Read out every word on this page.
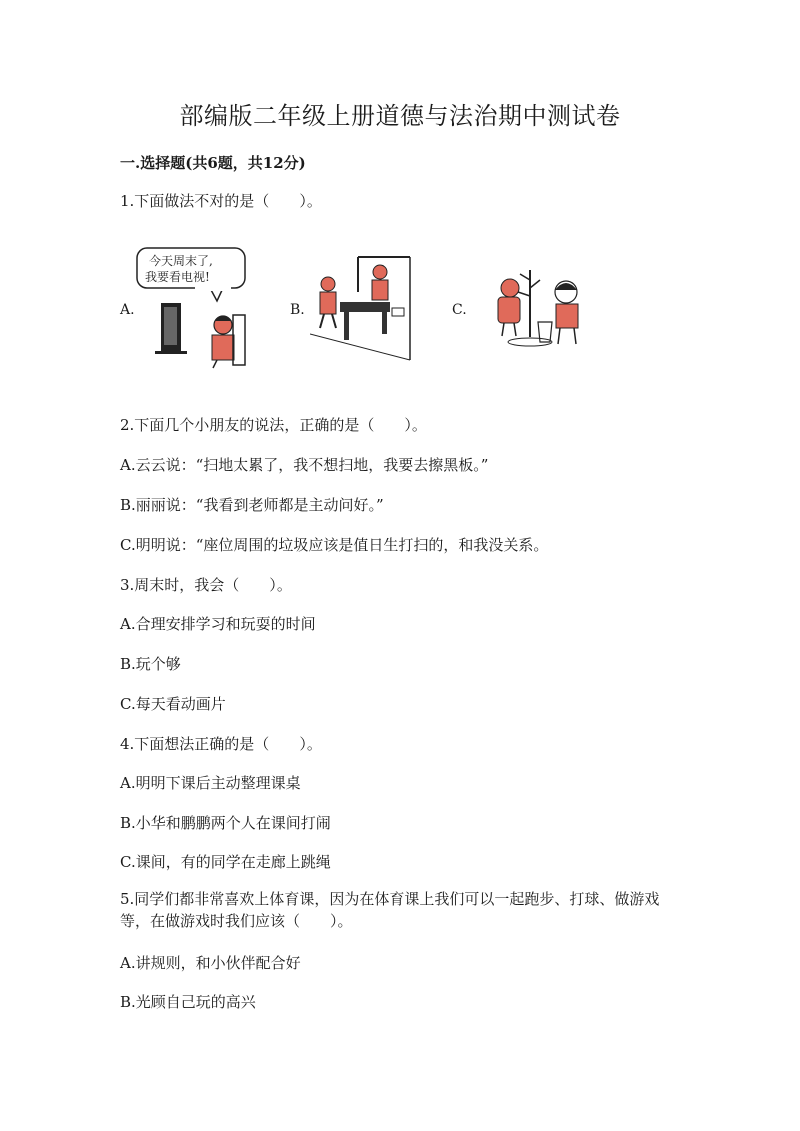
部编版二年级上册道德与法治期中测试卷
一.选择题(共6题，共12分)
1.下面做法不对的是（　　）。
A.
今天周末了,
我要看电视!
B.	C.
2.下面几个小朋友的说法，正确的是（　　）。
A.云云说：“扫地太累了，我不想扫地，我要去擦黑板。”
B.丽丽说：“我看到老师都是主动问好。”
C.明明说：“座位周围的垃圾应该是值日生打扫的，和我没关系。
3.周末时，我会（　　）。
A.合理安排学习和玩耍的时间
B.玩个够
C.每天看动画片
4.下面想法正确的是（　　）。
A.明明下课后主动整理课桌
B.小华和鹏鹏两个人在课间打闹
C.课间，有的同学在走廊上跳绳
5.同学们都非常喜欢上体育课，因为在体育课上我们可以一起跑步、打球、做游戏等，在做游戏时我们应该（　　）。
A.讲规则，和小伙伴配合好
B.光顾自己玩的高兴
